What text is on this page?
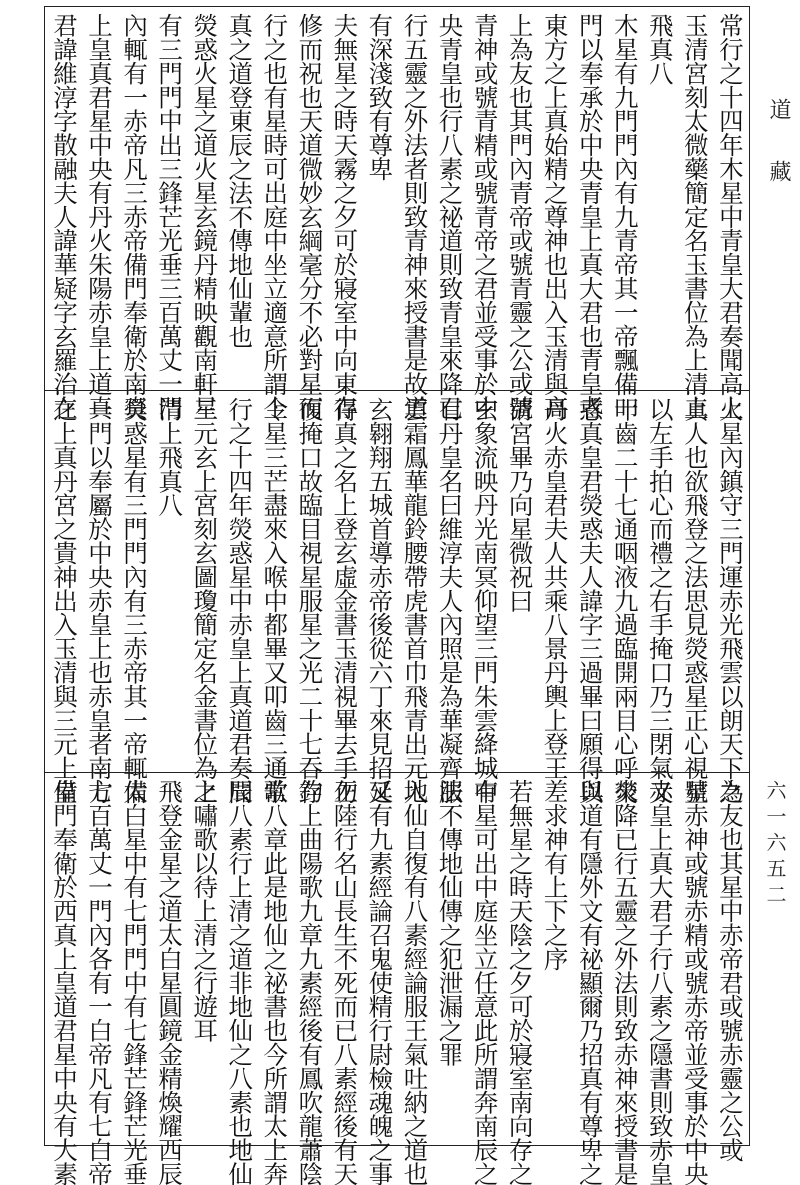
常行之十四年木星中青皇大君奏聞高上
玉清宮刻太微藥簡定名玉書位為上清上
飛真八
木星有九門門內有九青帝其一帝飄備一
門以奉承於中央青皇上真大君也青皇者
東方之上真始精之尊神也出入玉清與高
上為友也其門內青帝或號青靈之公或號
青神或號青精或號青帝之君並受事於中
央青皇也行八素之祕道則致青皇來降已
行五靈之外法者則致青神來授書是故道
有深淺致有尊卑
夫無星之時天霧之夕可於寢室中向東存
修而祝也天道微妙玄綱毫分不必對星而
行之也有星時可出庭中坐立適意所謂上
真之道登東辰之法不傳地仙輩也
熒惑火星之道火星玄鏡丹精映觀南軒星
有三門門中出三鋒芒光垂三百萬丈一門
內輒有一赤帝凡三赤帝備門奉衛於南真
上皇真君星中央有丹火朱陽赤皇上道真
君諱維淳字散融夫人諱華疑字玄羅治在
火星內鎮守三門運赤光飛雲以朗天下之
真人也欲飛登之法思見熒惑星正心視星
以左手拍心而禮之右手掩口乃三閉氣又
叩齒二十七通咽液九過臨開兩目心呼熒
惑真皇君熒惑夫人諱字三過畢曰願得與
丹火赤皇君夫人共乘八景丹輿上登王
清宮畢乃向星微祝曰
玄象流映丹光南冥仰望三門朱雲絳城中
有丹皇名曰維淳夫人內照是為華凝齊服
雲霜鳳華龍鈴腰帶虎書首巾飛青出元入
玄翱翔五城首導赤帝後從六丁來見招延
得真之名上登玄虛金書玉清視畢去手勿
復掩口故臨目視星服星之光二十七吞存
令星三芒盡來入喉中都畢又叩齒三通常
行之十四年熒惑星中赤皇上真道君奏聞
三元玄上宮刻玄圖瓊簡定名金書位為上
清上飛真八
熒惑星有三門門內有三赤帝其一帝輒備
一門以奉屬於中央赤皇上也赤皇者南方
之上真丹宮之貴神出入玉清與三元上皇
為友也其星中赤帝君或號赤靈之公或
號赤神或號赤精或號赤帝並受事於中央
赤皇上真大君子行八素之隱書則致赤皇
來降已行五靈之外法則致赤神來授書是
以道有隱外文有祕顯爾乃招真有尊卑之
差求神有上下之序
若無星之時天陰之夕可於寢室南向存之
有星可出中庭坐立任意此所謂奔南辰之
法不傳地仙傳之犯泄漏之罪
地仙自復有八素經論服王氣吐納之道也
又有九素經論召鬼使精行尉檢魂魄之事
正陸行名山長生不死而已八素經後有天
釣上曲陽歌九章九素經後有鳳吹龍蕭陰
歌八章此是地仙之祕書也今所謂太上奔
辰八素行上清之道非地仙之八素也地仙
之嘯歌以待上清之行遊耳
飛登金星之道太白星圓鏡金精煥耀西辰
太白星中有七門門中有七鋒芒鋒芒光垂
七百萬丈一門內各有一白帝凡有七白帝
備門奉衛於西真上皇道君星中央有大素
道藏
六一六五二
